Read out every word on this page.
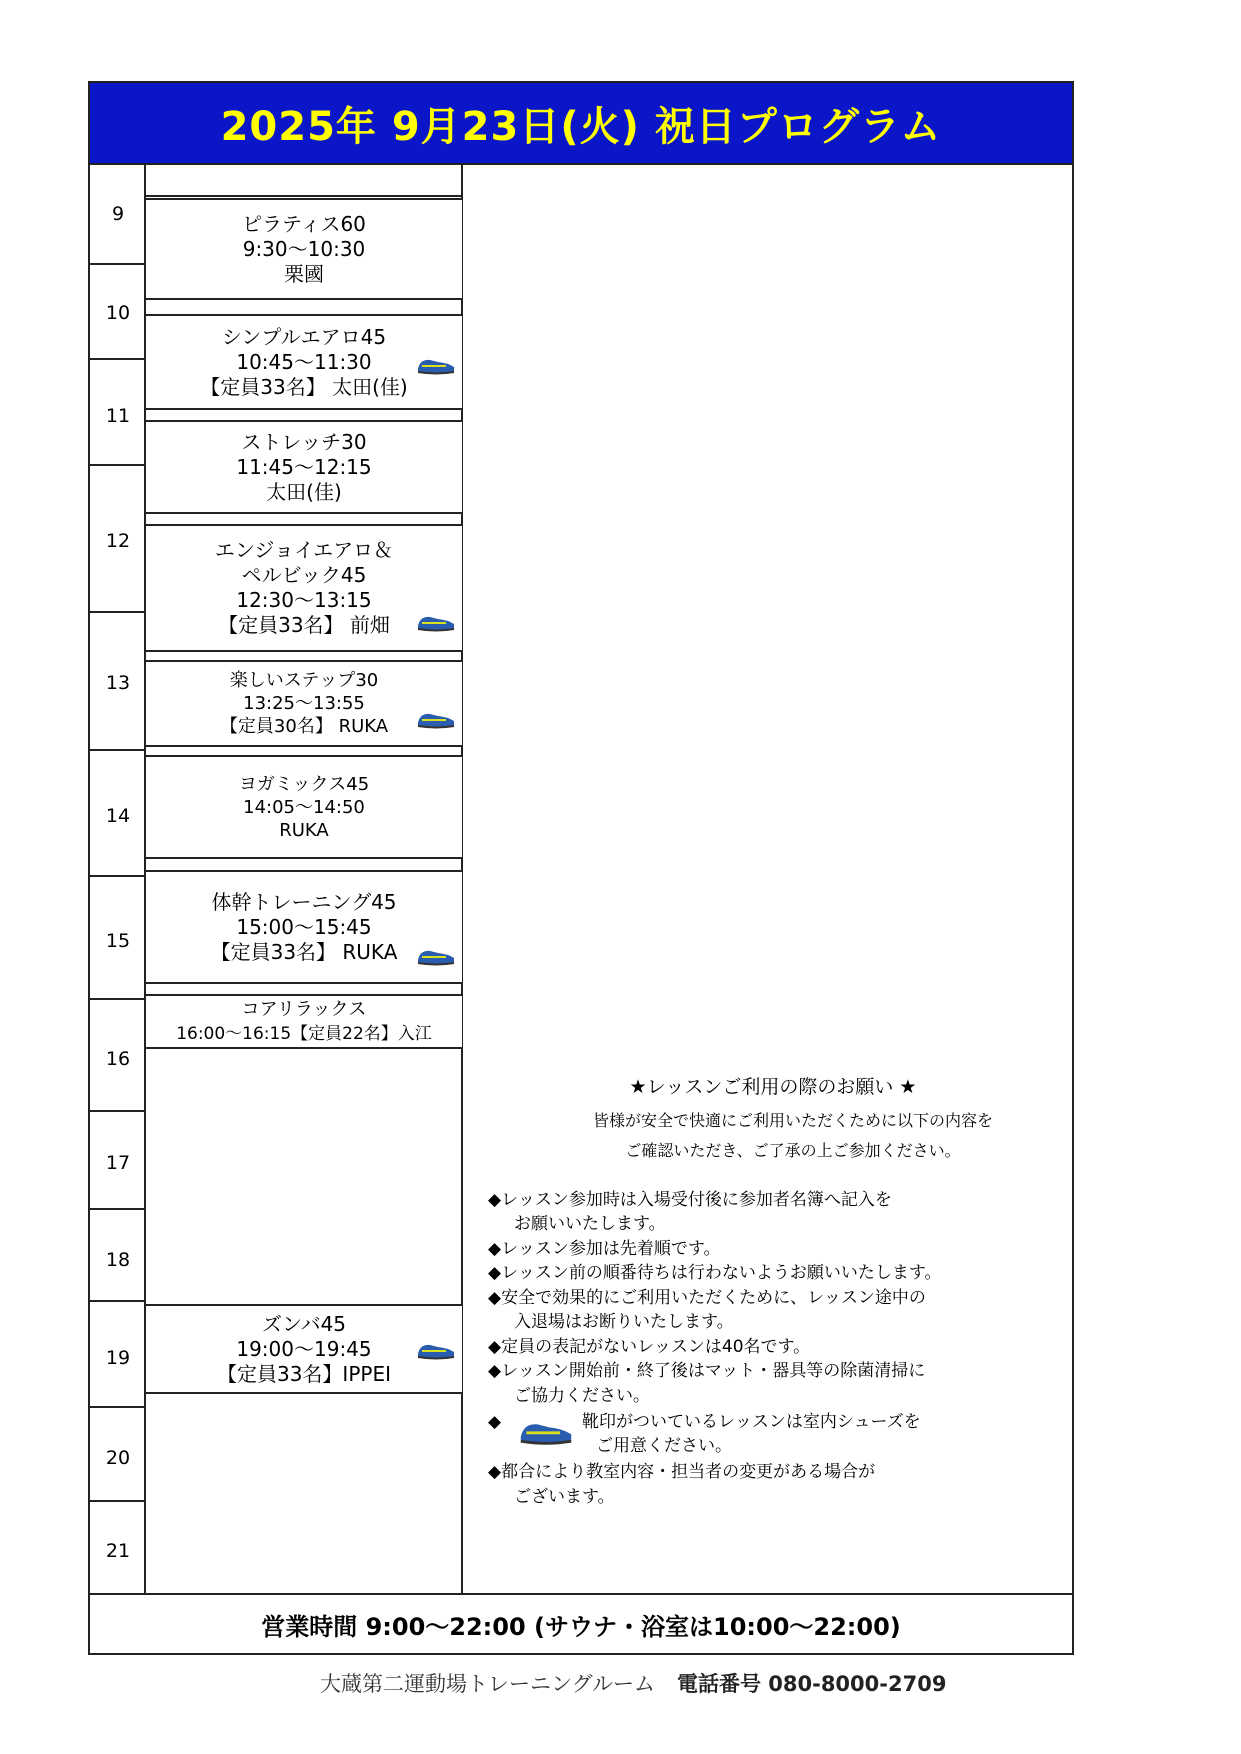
2025年 9月23日(火) 祝日プログラム
9
10
11
12
13
14
15
16
17
18
19
20
21
ピラティス60
9:30〜10:30
栗國
シンプルエアロ45
10:45〜11:30
【定員33名】 太田(佳)
ストレッチ30
11:45〜12:15
太田(佳)
エンジョイエアロ＆
ペルビック45
12:30〜13:15
【定員33名】 前畑
楽しいステップ30
13:25〜13:55
【定員30名】 RUKA
ヨガミックス45
14:05〜14:50
RUKA
体幹トレーニング45
15:00〜15:45
【定員33名】 RUKA
コアリラックス
16:00〜16:15【定員22名】入江
ズンバ45
19:00〜19:45
【定員33名】IPPEI
★レッスンご利用の際のお願い ★
皆様が安全で快適にご利用いただくために以下の内容を
ご確認いただき、ご了承の上ご参加ください。
◆レッスン参加時は入場受付後に参加者名簿へ記入を
お願いいたします。
◆レッスン参加は先着順です。
◆レッスン前の順番待ちは行わないようお願いいたします。
◆安全で効果的にご利用いただくために、レッスン途中の
入退場はお断りいたします。
◆定員の表記がないレッスンは40名です。
◆レッスン開始前・終了後はマット・器具等の除菌清掃に
ご協力ください。
◆	靴印がついているレッスンは室内シューズを
ご用意ください。
◆都合により教室内容・担当者の変更がある場合が
ございます。
営業時間 9:00〜22:00 (サウナ・浴室は10:00〜22:00)
大蔵第二運動場トレーニングルーム 電話番号 080-8000-2709
